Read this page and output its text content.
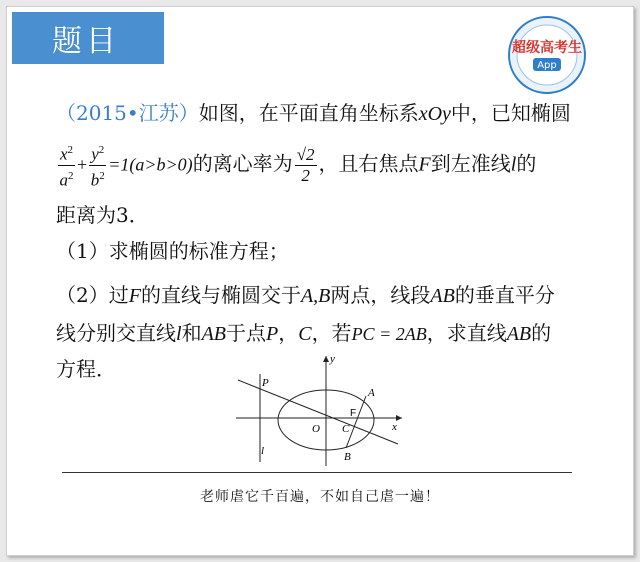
题目	超级高考生
App
（2015•江苏）如图，在平面直角坐标系xOy中，已知椭圆
$\frac{x^2}{a^2} + \frac{y^2}{b^2} =1(a>b>0)$的离心率为 $\frac{√2}{2}$ ，且右焦点F到左准线l的
距离为3．
（1）求椭圆的标准方程；
（2）过F的直线与椭圆交于A,B两点，线段AB的垂直平分
线分别交直线l和AB于点P，C，若PC = 2AB，求直线AB的
方程．	y
x
O
P
A
B
F
C
l
老师虐它千百遍，不如自己虐一遍！
